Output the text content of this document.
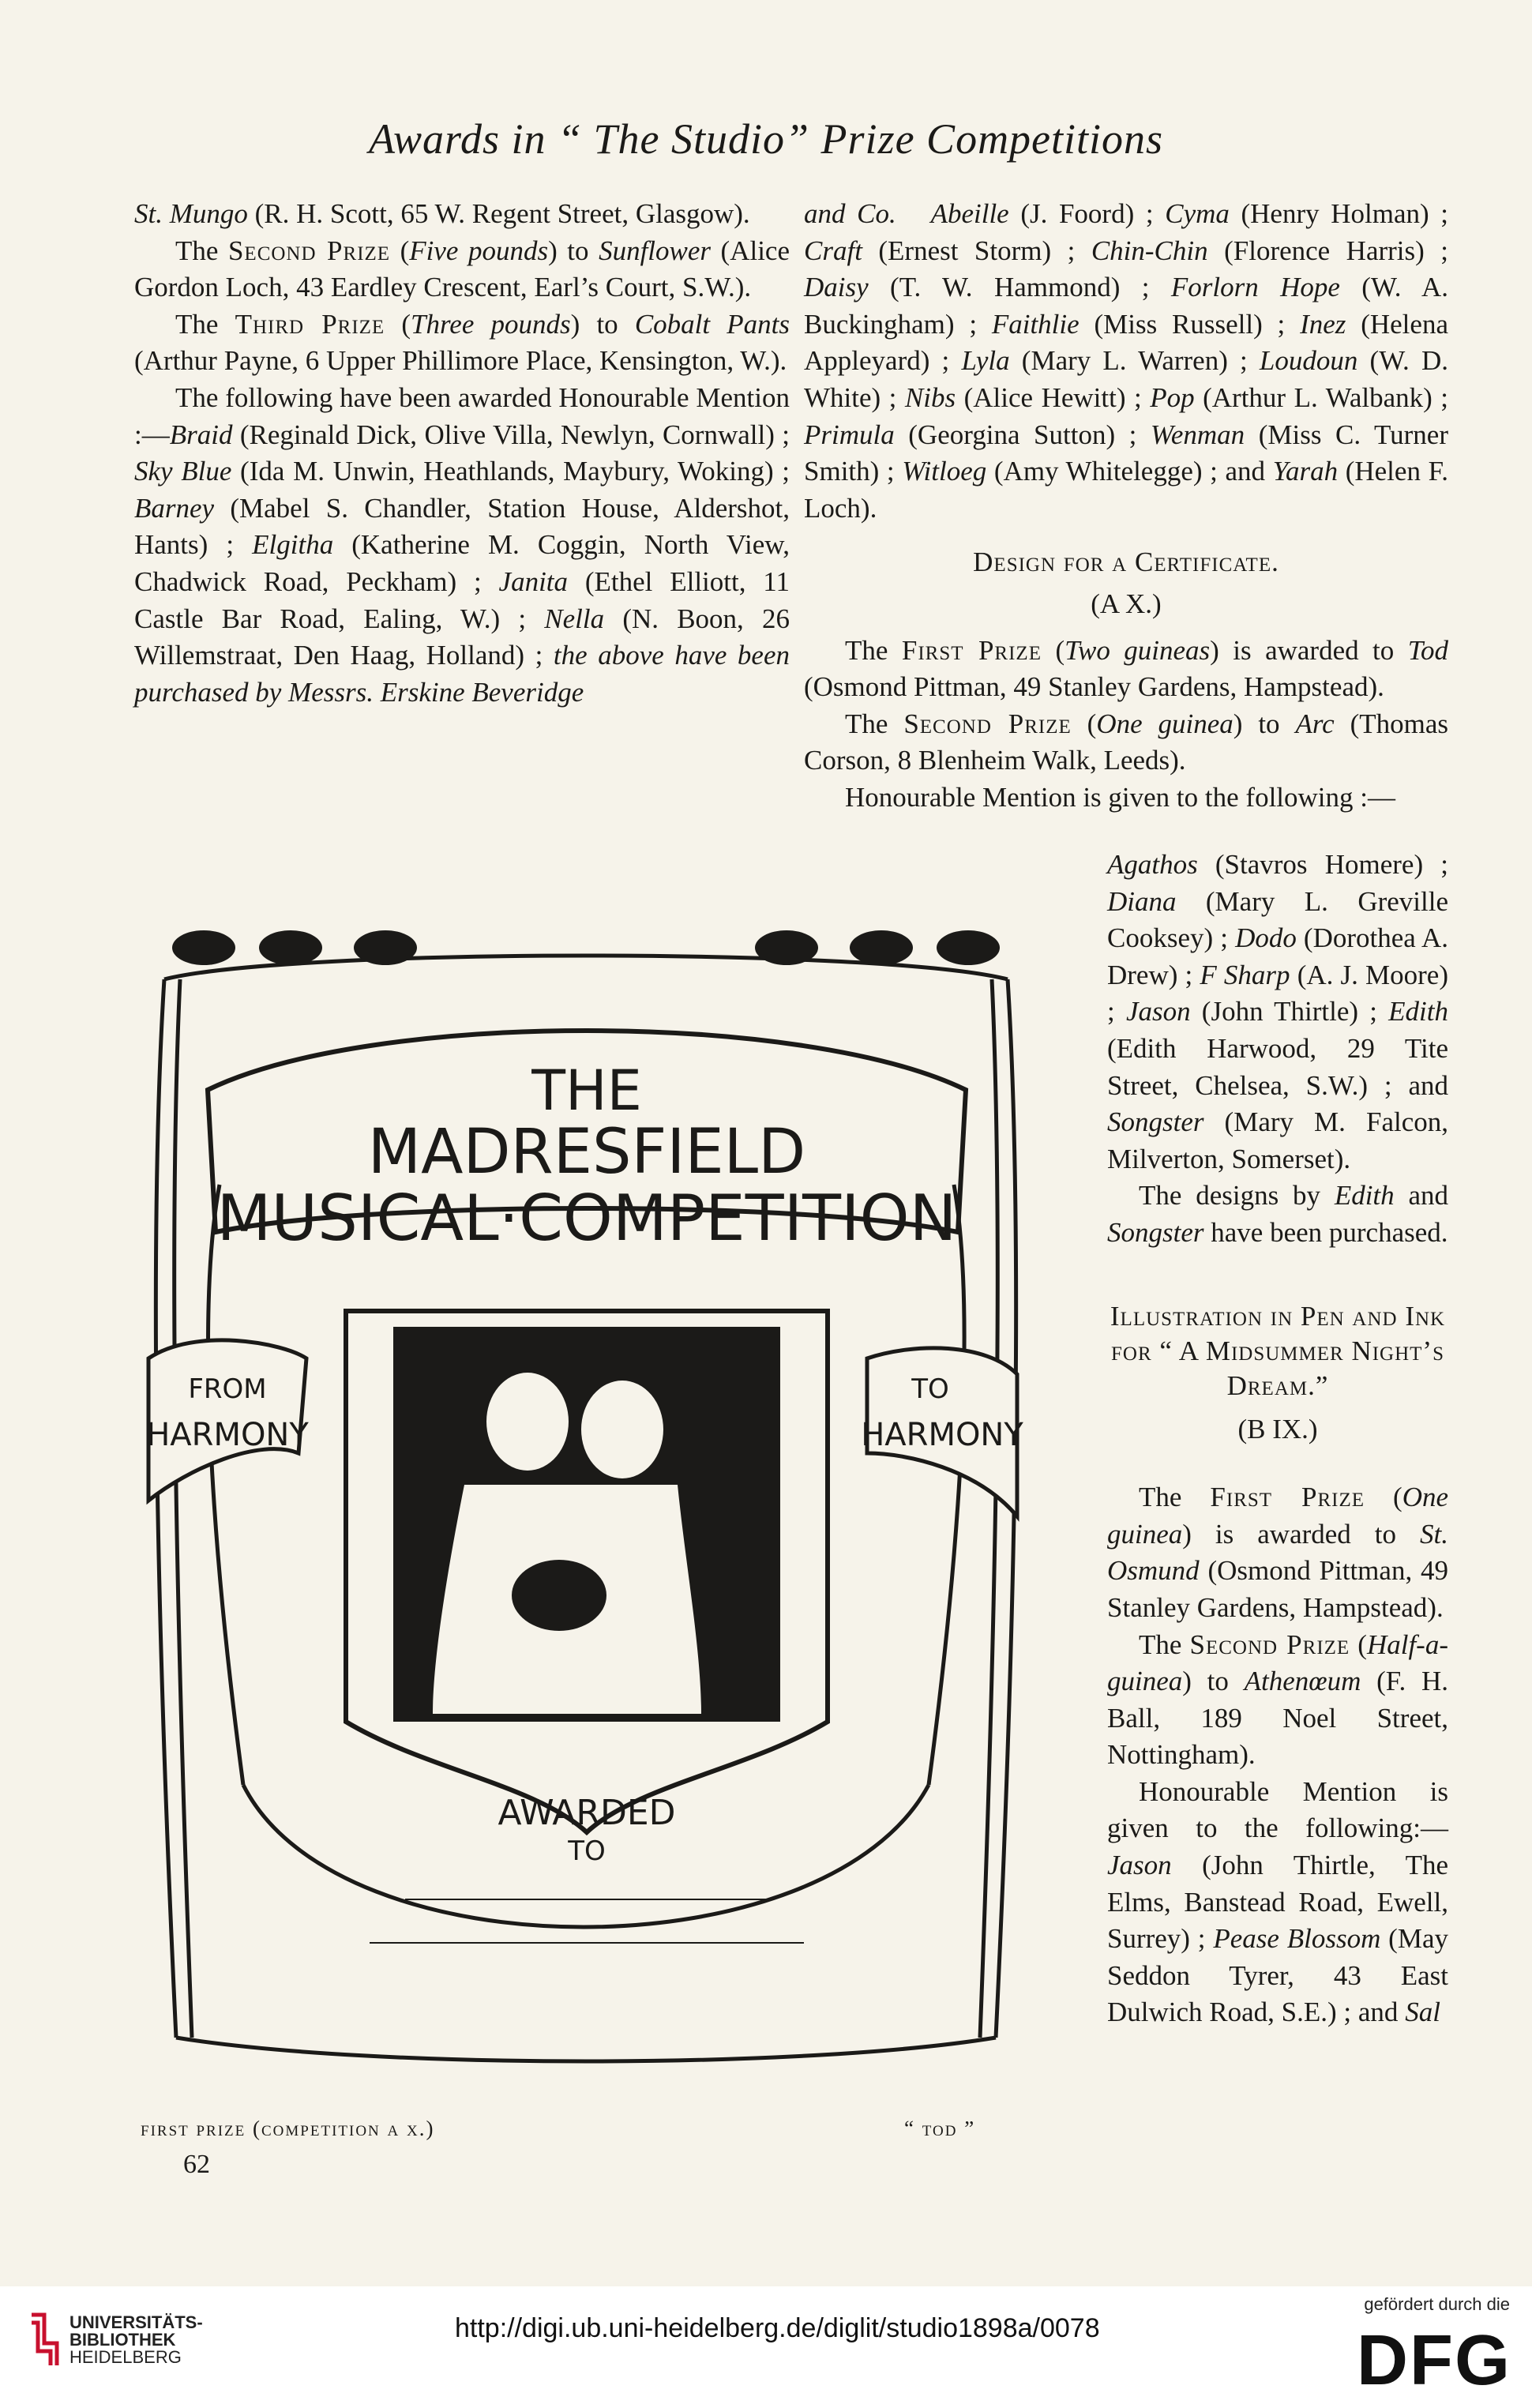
Awards in “ The Studio” Prize Competitions

St. Mungo (R. H. Scott, 65 W. Regent Street, Glasgow).

The Second Prize (Five pounds) to Sunflower (Alice Gordon Loch, 43 Eardley Crescent, Earl’s Court, S.W.).

The Third Prize (Three pounds) to Cobalt Pants (Arthur Payne, 6 Upper Phillimore Place, Kensington, W.).

The following have been awarded Honourable Mention :—Braid (Reginald Dick, Olive Villa, Newlyn, Cornwall) ; Sky Blue (Ida M. Unwin, Heathlands, Maybury, Woking) ; Barney (Mabel S. Chandler, Station House, Aldershot, Hants) ; Elgitha (Katherine M. Coggin, North View, Chadwick Road, Peckham) ; Janita (Ethel Elliott, 11 Castle Bar Road, Ealing, W.) ; Nella (N. Boon, 26 Willemstraat, Den Haag, Holland) ; the above have been purchased by Messrs. Erskine Beveridge

and Co. Abeille (J. Foord) ; Cyma (Henry Holman) ; Craft (Ernest Storm) ; Chin-Chin (Florence Harris) ; Daisy (T. W. Hammond) ; Forlorn Hope (W. A. Buckingham) ; Faithlie (Miss Russell) ; Inez (Helena Appleyard) ; Lyla (Mary L. Warren) ; Loudoun (W. D. White) ; Nibs (Alice Hewitt) ; Pop (Arthur L. Walbank) ; Primula (Georgina Sutton) ; Wenman (Miss C. Turner Smith) ; Witloeg (Amy Whitelegge) ; and Yarah (Helen F. Loch).

Design for a Certificate.

(A X.)

The First Prize (Two guineas) is awarded to Tod (Osmond Pittman, 49 Stanley Gardens, Hampstead).

The Second Prize (One guinea) to Arc (Thomas Corson, 8 Blenheim Walk, Leeds).

Honourable Mention is given to the following :—

Agathos (Stavros Homere) ; Diana (Mary L. Greville Cooksey) ; Dodo (Dorothea A. Drew) ; F Sharp (A. J. Moore) ; Jason (John Thirtle) ; Edith (Edith Harwood, 29 Tite Street, Chelsea, S.W.) ; and Songster (Mary M. Falcon, Milverton, Somerset).

The designs by Edith and Songster have been purchased.

Illustration in Pen and Ink for “ A Midsummer Night’s Dream.”

(B IX.)

The First Prize (One guinea) is awarded to St. Osmund (Osmond Pittman, 49 Stanley Gardens, Hampstead).

The Second Prize (Half-a-guinea) to Athenœum (F. H. Ball, 189 Noel Street, Nottingham).

Honourable Mention is given to the following:— Jason (John Thirtle, The Elms, Banstead Road, Ewell, Surrey) ; Pease Blossom (May Seddon Tyrer, 43 East Dulwich Road, S.E.) ; and Sal

THE
MADRESFIELD
MUSICAL·COMPETITION
FROM
HARMONY
TO
HARMONY
AWARDED
TO
first prize (competition a x.)	“ tod ”
62
UNIVERSITÄTS-
BIBLIOTHEK
HEIDELBERG
http://digi.ub.uni-heidelberg.de/diglit/studio1898a/0078
gefördert durch die
DFG
